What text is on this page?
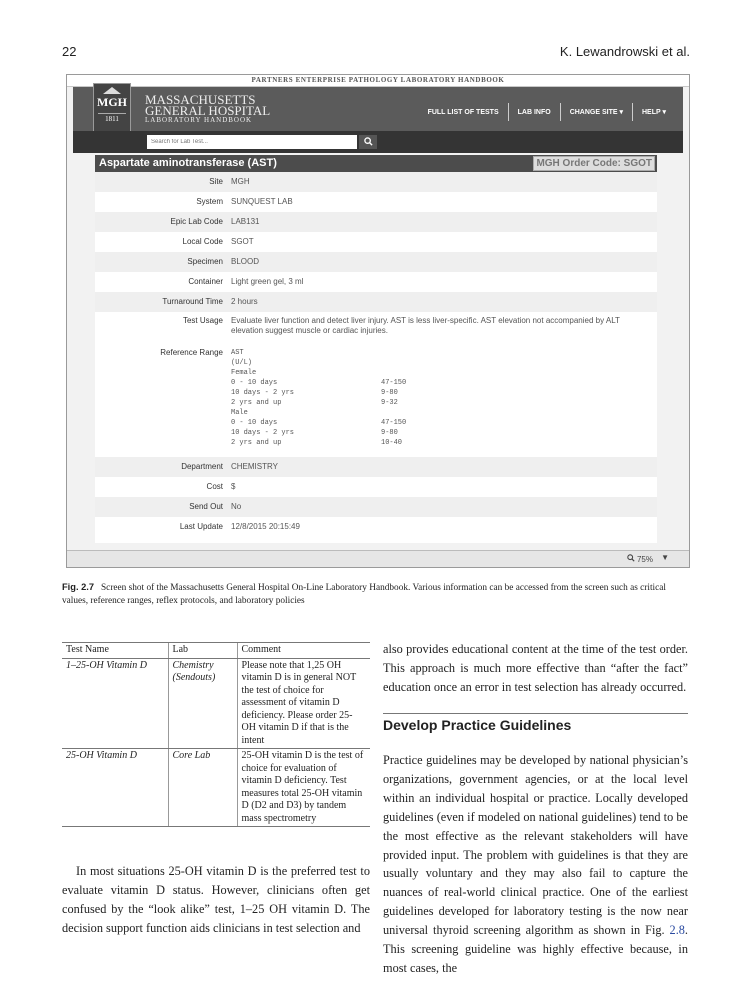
22	K. Lewandrowski et al.
PARTNERS ENTERPRISE PATHOLOGY LABORATORY HANDBOOK
MGH
1811
MASSACHUSETTS
GENERAL HOSPITAL
LABORATORY HANDBOOK
FULL LIST OF TESTS	LAB INFO	CHANGE SITE ▾	HELP ▾
Search for Lab Test...
Aspartate aminotransferase (AST)	MGH Order Code: SGOT
Site	MGH
System	SUNQUEST LAB
Epic Lab Code	LAB131
Local Code	SGOT
Specimen	BLOOD
Container	Light green gel, 3 ml
Turnaround Time	2 hours
Test Usage	Evaluate liver function and detect liver injury. AST is less liver-specific. AST elevation not accompanied by ALT elevation suggest muscle or cardiac injuries.
Reference Range	AST
(U/L)
Female
0 - 10 days	47-150
10 days - 2 yrs	9-80
2 yrs and up	9-32
Male
0 - 10 days	47-150
10 days - 2 yrs	9-80
2 yrs and up	10-40
Department	CHEMISTRY
Cost	$
Send Out	No
Last Update	12/8/2015 20:15:49
75% ▼
Fig. 2.7 Screen shot of the Massachusetts General Hospital On-Line Laboratory Handbook. Various information can be accessed from the screen such as critical values, reference ranges, reflex protocols, and laboratory policies
Test Name	Lab	Comment
1–25-OH Vitamin D	Chemistry (Sendouts)	Please note that 1,25 OH vitamin D is in general NOT the test of choice for assessment of vitamin D deficiency. Please order 25-OH vitamin D if that is the intent
25-OH Vitamin D	Core Lab	25-OH vitamin D is the test of choice for evaluation of vitamin D deficiency. Test measures total 25-OH vitamin D (D2 and D3) by tandem mass spectrometry
In most situations 25-OH vitamin D is the preferred test to evaluate vitamin D status. However, clinicians often get confused by the “look alike” test, 1–25 OH vitamin D. The decision support function aids clinicians in test selection and
also provides educational content at the time of the test order. This approach is much more effective than “after the fact” education once an error in test selection has already occurred.
Develop Practice Guidelines
Practice guidelines may be developed by national physician’s organizations, government agencies, or at the local level within an individual hospital or practice. Locally developed guidelines (even if modeled on national guidelines) tend to be the most effective as the relevant stakeholders will have provided input. The problem with guidelines is that they are usually voluntary and they may also fail to capture the nuances of real-world clinical practice. One of the earliest guidelines developed for laboratory testing is the now near universal thyroid screening algorithm as shown in Fig. 2.8. This screening guideline was highly effective because, in most cases, the
